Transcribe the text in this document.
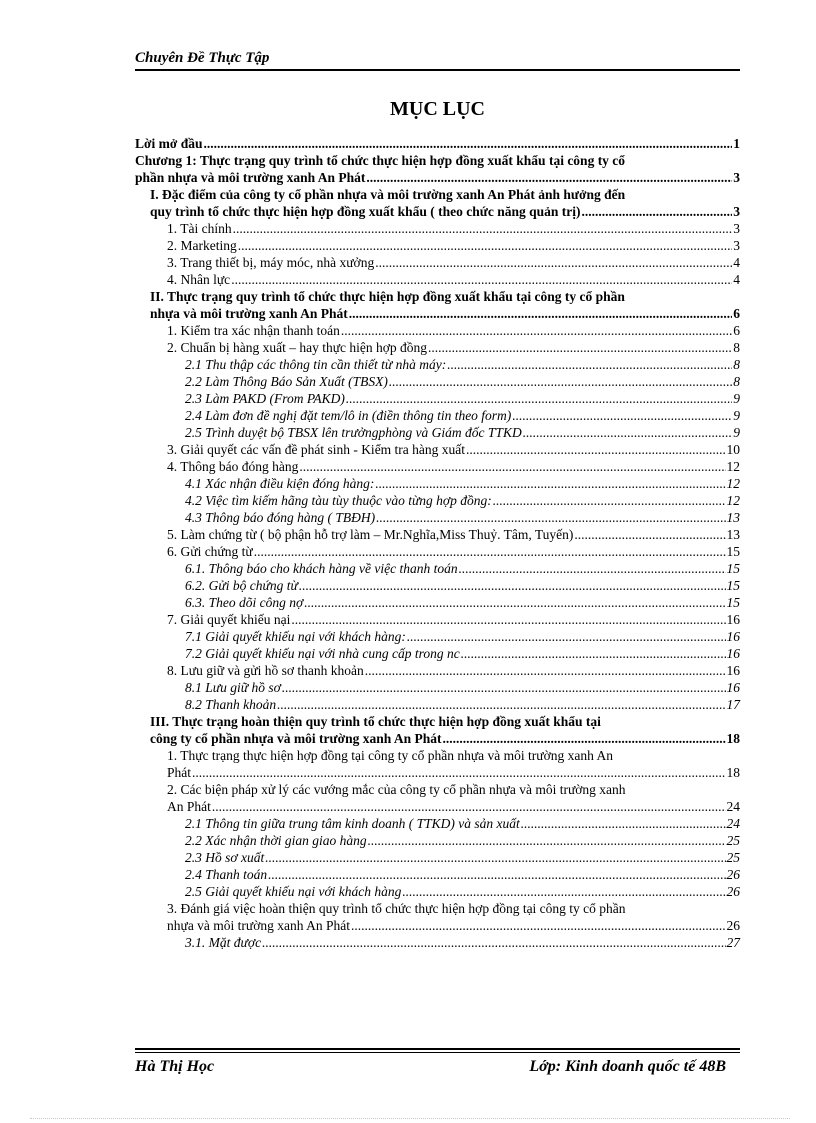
Chuyên Đề Thực Tập
MỤC LỤC
Lời mở đầu .....	1
Chương 1: Thực trạng quy trình tổ chức thực hiện hợp đồng xuất khẩu tại công ty cổ
phần nhựa và môi trường xanh An Phát .....	3
I. Đặc điểm của công ty cổ phần nhựa và môi trường xanh An Phát ảnh hưởng đến
quy trình tổ chức thực hiện hợp đồng xuất khẩu ( theo chức năng quản trị) .....	3
1. Tài chính .....	3
2. Marketing .....	3
3. Trang thiết bị, máy móc, nhà xưởng .....	4
4. Nhân lực .....	4
II. Thực trạng quy trình tổ chức thực hiện hợp đồng xuất khẩu tại công ty cổ phần
nhựa và môi trường xanh An Phát .....	6
1. Kiểm tra xác nhận thanh toán .....	6
2. Chuẩn bị hàng xuất – hay thực hiện hợp đồng .....	8
2.1 Thu thập các thông tin cần thiết từ nhà máy: .....	8
2.2 Làm Thông Báo Sản Xuất (TBSX) .....	8
2.3 Làm PAKD (From PAKD) .....	9
2.4 Làm đơn đề nghị đặt tem/lô in (điền thông tin theo form) .....	9
2.5 Trình duyệt bộ TBSX lên trưởngphòng và Giám đốc TTKD .....	9
3. Giải quyết các vấn đề phát sinh - Kiểm tra hàng xuất .....	10
4. Thông báo đóng hàng .....	12
4.1 Xác nhận điều kiện đóng hàng: .....	12
4.2 Việc tìm kiếm hãng tàu tùy thuộc vào từng hợp đồng: .....	12
4.3 Thông báo đóng hàng ( TBĐH) .....	13
5. Làm chứng từ ( bộ phận hỗ trợ làm – Mr.Nghĩa,Miss Thuỷ. Tâm, Tuyến) .....	13
6. Gửi chứng từ .....	15
6.1. Thông báo cho khách hàng về việc thanh toán .....	15
6.2. Gửi bộ chứng từ .....	15
6.3. Theo dõi công nợ .....	15
7. Giải quyết khiếu nại .....	16
7.1 Giải quyết khiếu nại với khách hàng: .....	16
7.2 Giải quyết khiếu nại với nhà cung cấp trong nc .....	16
8. Lưu giữ và gửi hồ sơ thanh khoản .....	16
8.1 Lưu giữ hồ sơ .....	16
8.2 Thanh khoản .....	17
III. Thực trạng hoàn thiện quy trình tổ chức thực hiện hợp đồng xuất khẩu tại
công ty cổ phần nhựa và môi trường xanh An Phát .....	18
1. Thực trạng thực hiện hợp đồng tại công ty cổ phần nhựa và môi trường xanh An
Phát .....	18
2. Các biện pháp xử lý các vướng mắc của công ty cổ phần nhựa và môi trường xanh
An Phát .....	24
2.1 Thông tin giữa trung tâm kinh doanh ( TTKD) và sản xuất .....	24
2.2 Xác nhận thời gian giao hàng .....	25
2.3 Hồ sơ xuất .....	25
2.4 Thanh toán .....	26
2.5 Giải quyết khiếu nại với khách hàng .....	26
3. Đánh giá việc hoàn thiện quy trình tổ chức thực hiện hợp đồng tại công ty cổ phần
nhựa và môi trường xanh An Phát .....	26
3.1. Mặt được .....	27
Hà Thị Học	Lớp: Kinh doanh quốc tế 48B
